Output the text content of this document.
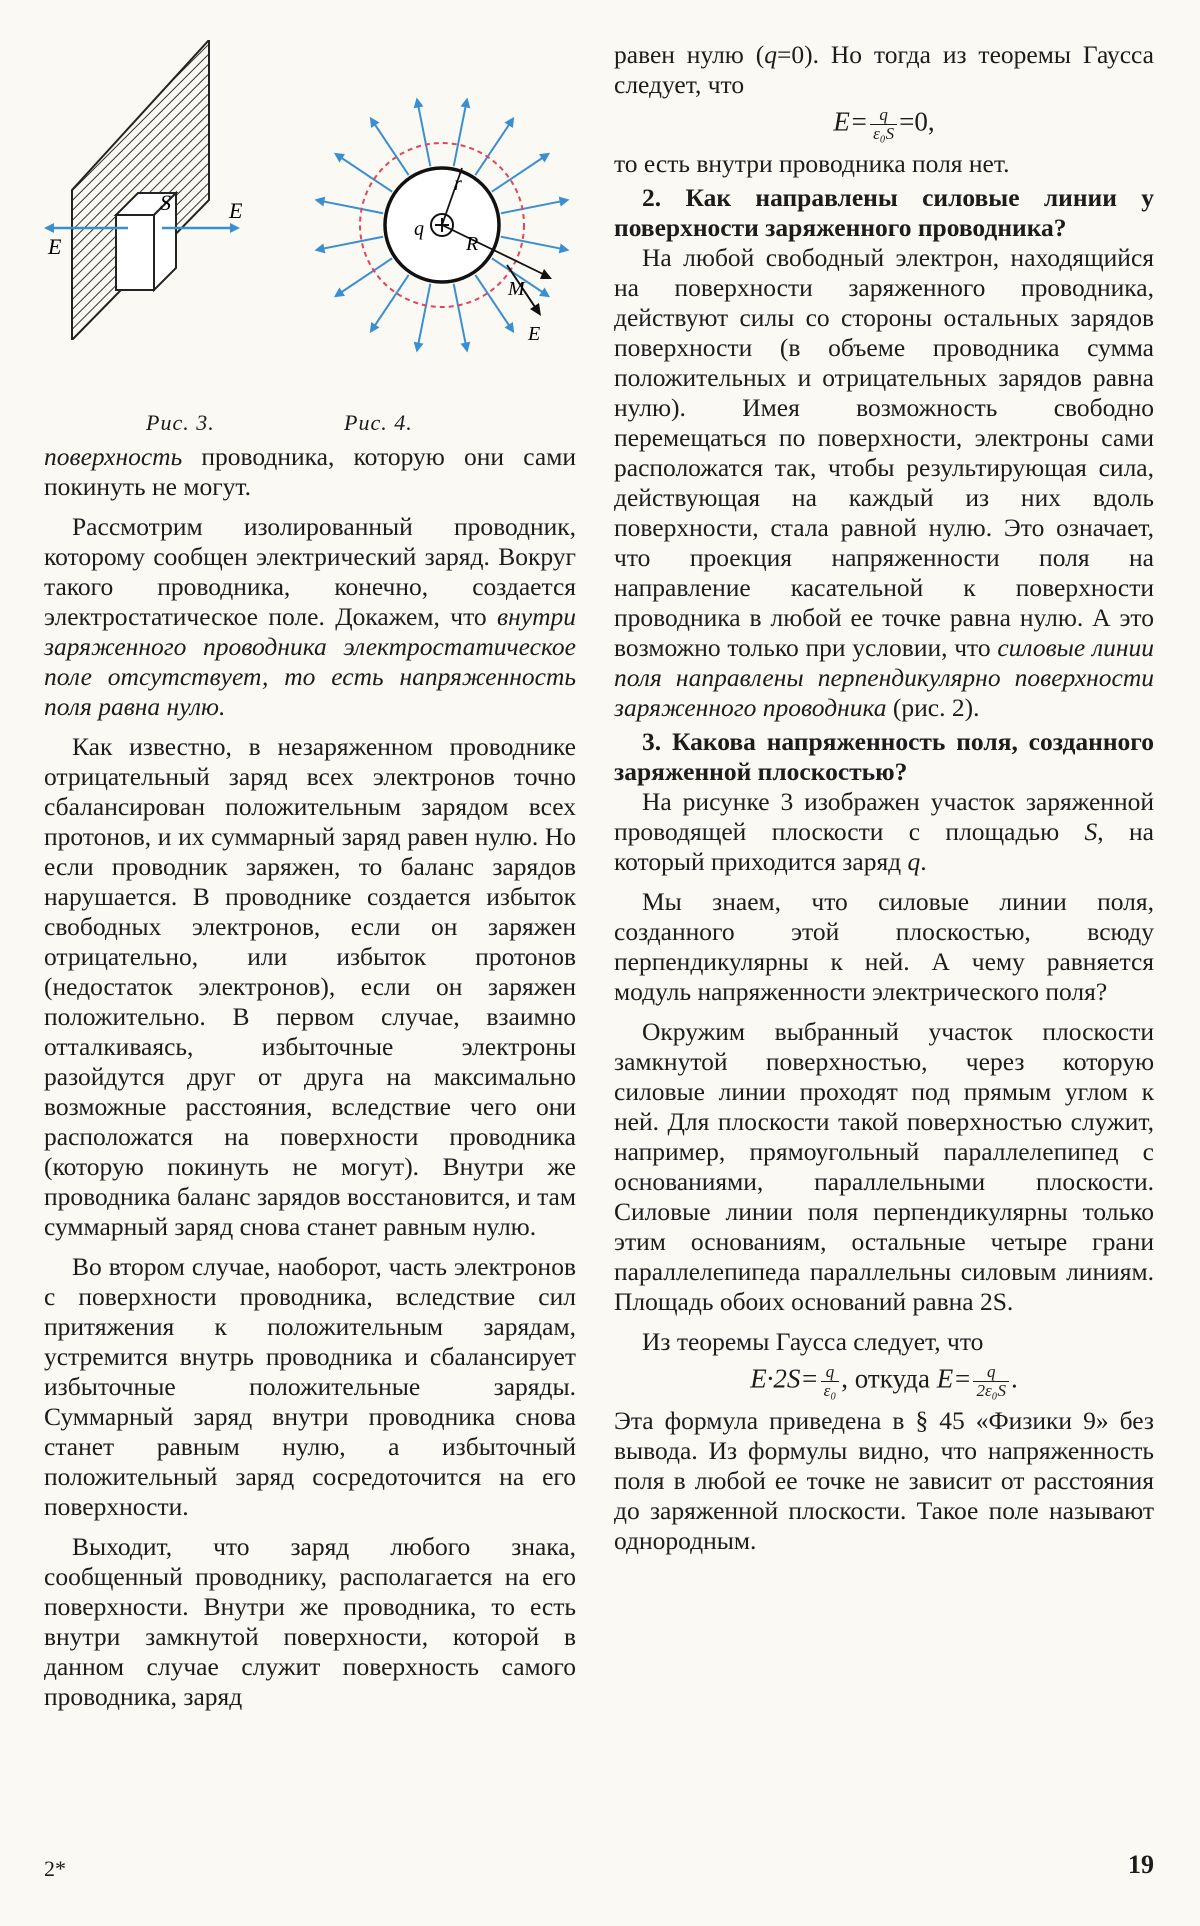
S	E
E
q
r
R
M
E
Рис. 3.	Рис. 4.

поверхность проводника, которую они сами покинуть не могут.

Рассмотрим изолированный проводник, которому сообщен электрический заряд. Вокруг такого проводника, конечно, создается электростатическое поле. Докажем, что внутри заряженного проводника электростатическое поле отсутствует, то есть напряженность поля равна нулю.

Как известно, в незаряженном проводнике отрицательный заряд всех электронов точно сбалансирован положительным зарядом всех протонов, и их суммарный заряд равен нулю. Но если проводник заряжен, то баланс зарядов нарушается. В проводнике создается избыток свободных электронов, если он заряжен отрицательно, или избыток протонов (недостаток электронов), если он заряжен положительно. В первом случае, взаимно отталкиваясь, избыточные электроны разойдутся друг от друга на максимально возможные расстояния, вследствие чего они расположатся на поверхности проводника (которую покинуть не могут). Внутри же проводника баланс зарядов восстановится, и там суммарный заряд снова станет равным нулю.

Во втором случае, наоборот, часть электронов с поверхности проводника, вследствие сил притяжения к положительным зарядам, устремится внутрь проводника и сбалансирует избыточные положительные заряды. Суммарный заряд внутри проводника снова станет равным нулю, а избыточный положительный заряд сосредоточится на его поверхности.

Выходит, что заряд любого знака, сообщенный проводнику, располагается на его поверхности. Внутри же проводника, то есть внутри замкнутой поверхности, которой в данном случае служит поверхность самого проводника, заряд

равен нулю (q=0). Но тогда из теоремы Гаусса следует, что

$E= \frac{q}{\text{ε₀S}} =0$,

то есть внутри проводника поля нет.

2. Как направлены силовые линии у поверхности заряженного проводника?

На любой свободный электрон, находящийся на поверхности заряженного проводника, действуют силы со стороны остальных зарядов поверхности (в объеме проводника сумма положительных и отрицательных зарядов равна нулю). Имея возможность свободно перемещаться по поверхности, электроны сами расположатся так, чтобы результирующая сила, действующая на каждый из них вдоль поверхности, стала равной нулю. Это означает, что проекция напряженности поля на направление касательной к поверхности проводника в любой ее точке равна нулю. А это возможно только при условии, что силовые линии поля направлены перпендикулярно поверхности заряженного проводника (рис. 2).

3. Какова напряженность поля, созданного заряженной плоскостью?

На рисунке 3 изображен участок заряженной проводящей плоскости с площадью S, на который приходится заряд q.

Мы знаем, что силовые линии поля, созданного этой плоскостью, всюду перпендикулярны к ней. А чему равняется модуль напряженности электрического поля?

Окружим выбранный участок плоскости замкнутой поверхностью, через которую силовые линии проходят под прямым углом к ней. Для плоскости такой поверхностью служит, например, прямоугольный параллелепипед с основаниями, параллельными плоскости. Силовые линии поля перпендикулярны только этим основаниям, остальные четыре грани параллелепипеда параллельны силовым линиям. Площадь обоих оснований равна 2S.

Из теоремы Гаусса следует, что

$E\cdot 2S= \frac{q}{\text{ε₀}}$ , откуда $E= \frac{q}{\text{2ε₀S}}$ .

Эта формула приведена в § 45 «Физики 9» без вывода. Из формулы видно, что напряженность поля в любой ее точке не зависит от расстояния до заряженной плоскости. Такое поле называют однородным.

2*	19
